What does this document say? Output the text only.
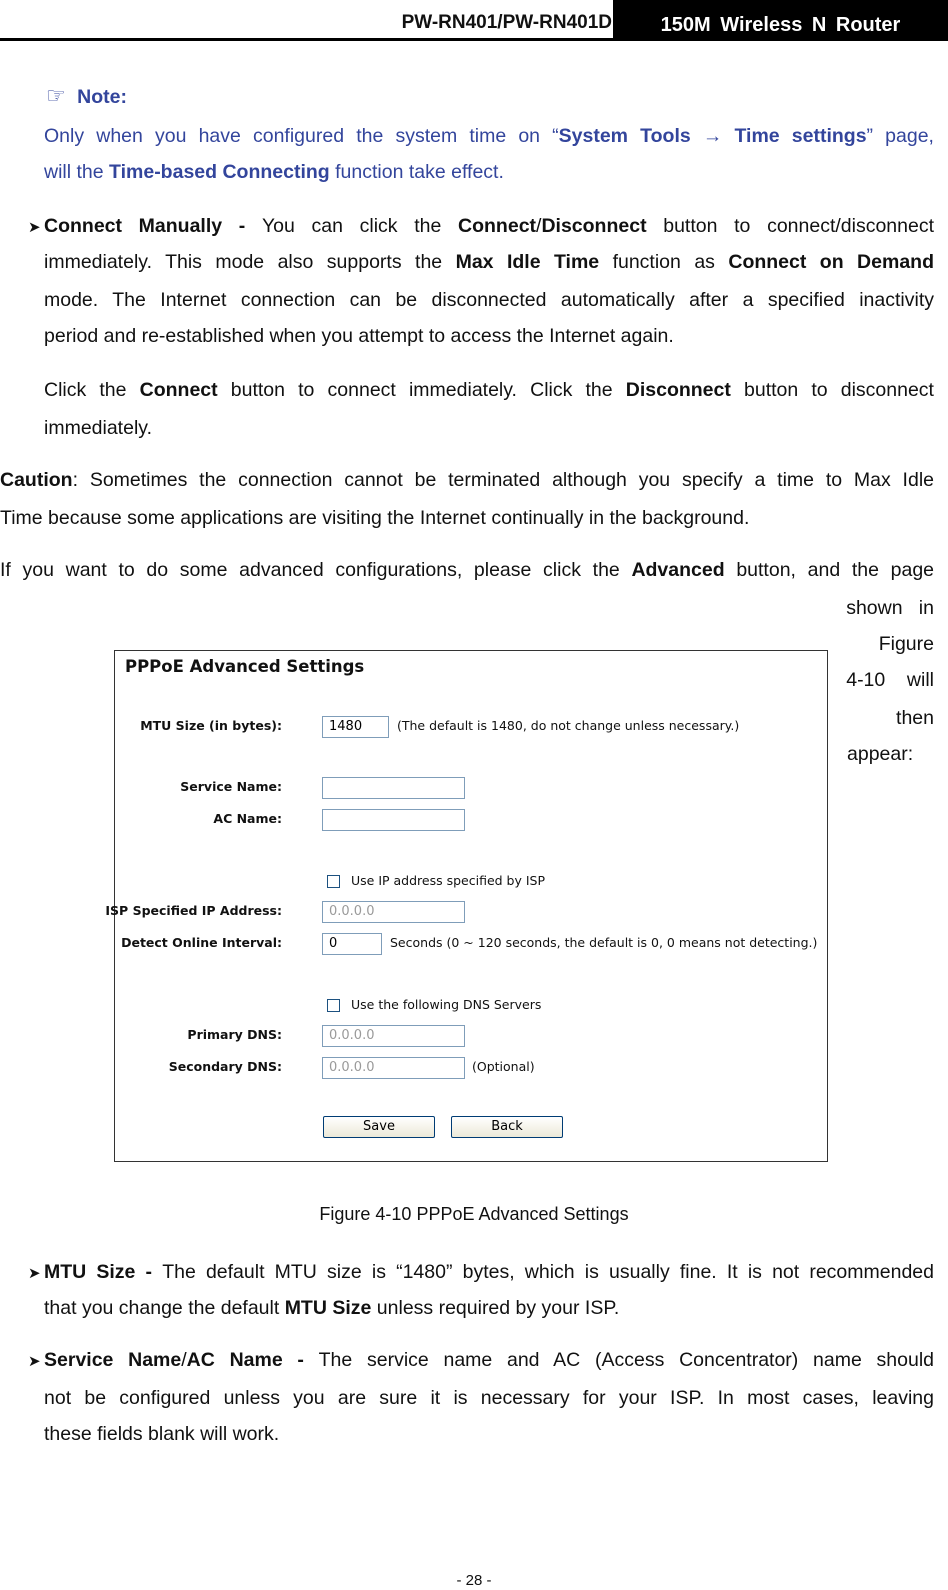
PW-RN401/PW-RN401D	150M Wireless N Router
☞ Note:
Only when you have configured the system time on “System Tools → Time settings” page,
will the Time-based Connecting function take effect.
➤ Connect Manually - You can click the Connect/Disconnect button to connect/disconnect
immediately. This mode also supports the Max Idle Time function as Connect on Demand
mode. The Internet connection can be disconnected automatically after a specified inactivity
period and re-established when you attempt to access the Internet again.
Click the Connect button to connect immediately. Click the Disconnect button to disconnect
immediately.
Caution: Sometimes the connection cannot be terminated although you specify a time to Max Idle
Time because some applications are visiting the Internet continually in the background.
If you want to do some advanced configurations, please click the Advanced button, and the page
shown   in
Figure
4-10    will
then
appear:
PPPoE Advanced Settings
MTU Size (in bytes):	1480	(The default is 1480, do not change unless necessary.)
Service Name:
AC Name:
Use IP address specified by ISP
ISP Specified IP Address:	0.0.0.0
Detect Online Interval:	0	Seconds (0 ~ 120 seconds, the default is 0, 0 means not detecting.)
Use the following DNS Servers
Primary DNS:	0.0.0.0
Secondary DNS:	0.0.0.0	(Optional)
Save	Back
Figure 4-10 PPPoE Advanced Settings
➤ MTU Size - The default MTU size is “1480” bytes, which is usually fine. It is not recommended
that you change the default MTU Size unless required by your ISP.
➤ Service Name/AC Name - The service name and AC (Access Concentrator) name should
not be configured unless you are sure it is necessary for your ISP. In most cases, leaving
these fields blank will work.
- 28 -
